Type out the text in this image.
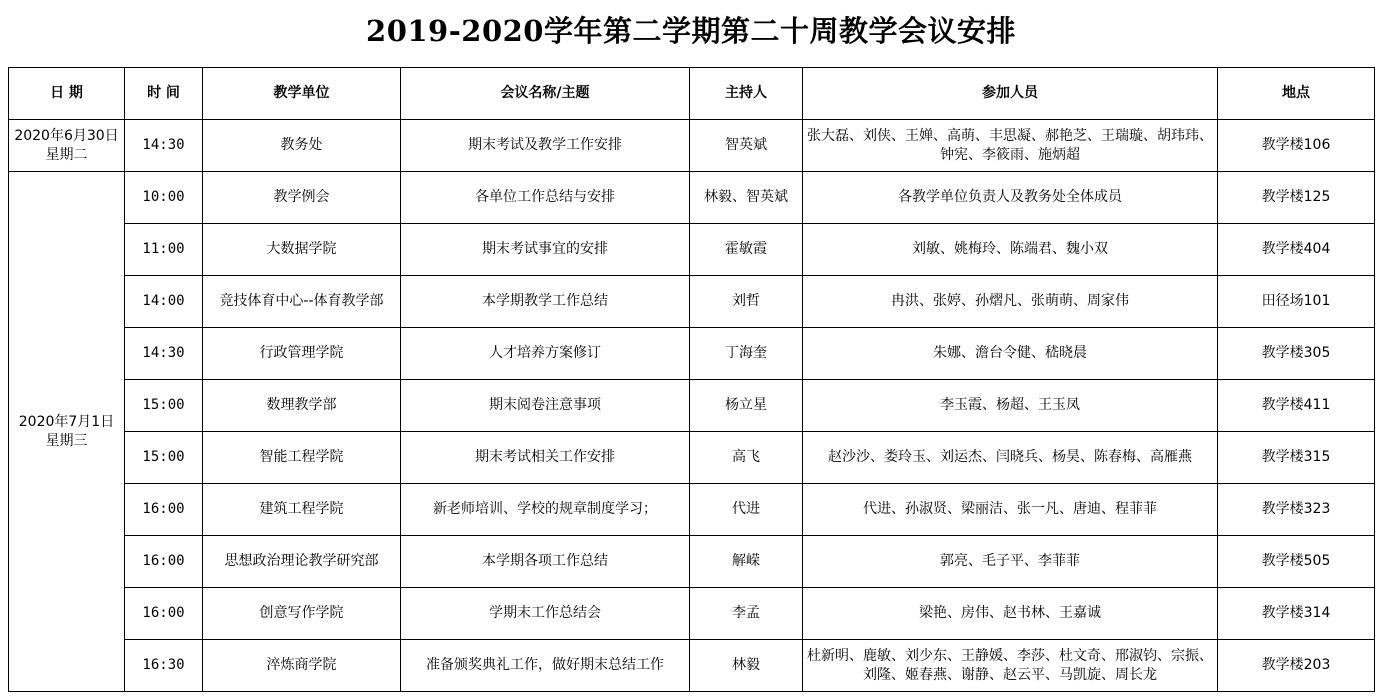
2019-2020学年第二学期第二十周教学会议安排
日 期	时 间	教学单位	会议名称/主题	主持人	参加人员	地点
2020年6月30日
星期二	14:30	教务处	期末考试及教学工作安排	智英斌	张大磊、刘侠、王婵、高萌、丰思凝、郝艳芝、王瑞璇、胡玮玮、钟宪、李筱雨、施炳超	教学楼106
2020年7月1日
星期三	10:00	教学例会	各单位工作总结与安排	林毅、智英斌	各教学单位负责人及教务处全体成员	教学楼125
	11:00	大数据学院	期末考试事宜的安排	霍敏霞	刘敏、姚梅玲、陈端君、魏小双	教学楼404
	14:00	竞技体育中心--体育教学部	本学期教学工作总结	刘哲	冉洪、张婷、孙熠凡、张萌萌、周家伟	田径场101
	14:30	行政管理学院	人才培养方案修订	丁海奎	朱娜、澹台令健、嵇晓晨	教学楼305
	15:00	数理教学部	期末阅卷注意事项	杨立星	李玉霞、杨超、王玉凤	教学楼411
	15:00	智能工程学院	期末考试相关工作安排	高飞	赵沙沙、娄玲玉、刘运杰、闫晓兵、杨昊、陈春梅、高雁燕	教学楼315
	16:00	建筑工程学院	新老师培训、学校的规章制度学习；	代进	代进、孙淑贤、梁丽洁、张一凡、唐迪、程菲菲	教学楼323
	16:00	思想政治理论教学研究部	本学期各项工作总结	解嵘	郭亮、毛子平、李菲菲	教学楼505
	16:00	创意写作学院	学期末工作总结会	李孟	梁艳、房伟、赵书林、王嘉诚	教学楼314
	16:30	淬炼商学院	准备颁奖典礼工作，做好期末总结工作	林毅	杜新明、鹿敏、刘少东、王静媛、李莎、杜文奇、邢淑钧、宗振、刘隆、姬春燕、谢静、赵云平、马凯旋、周长龙	教学楼203
